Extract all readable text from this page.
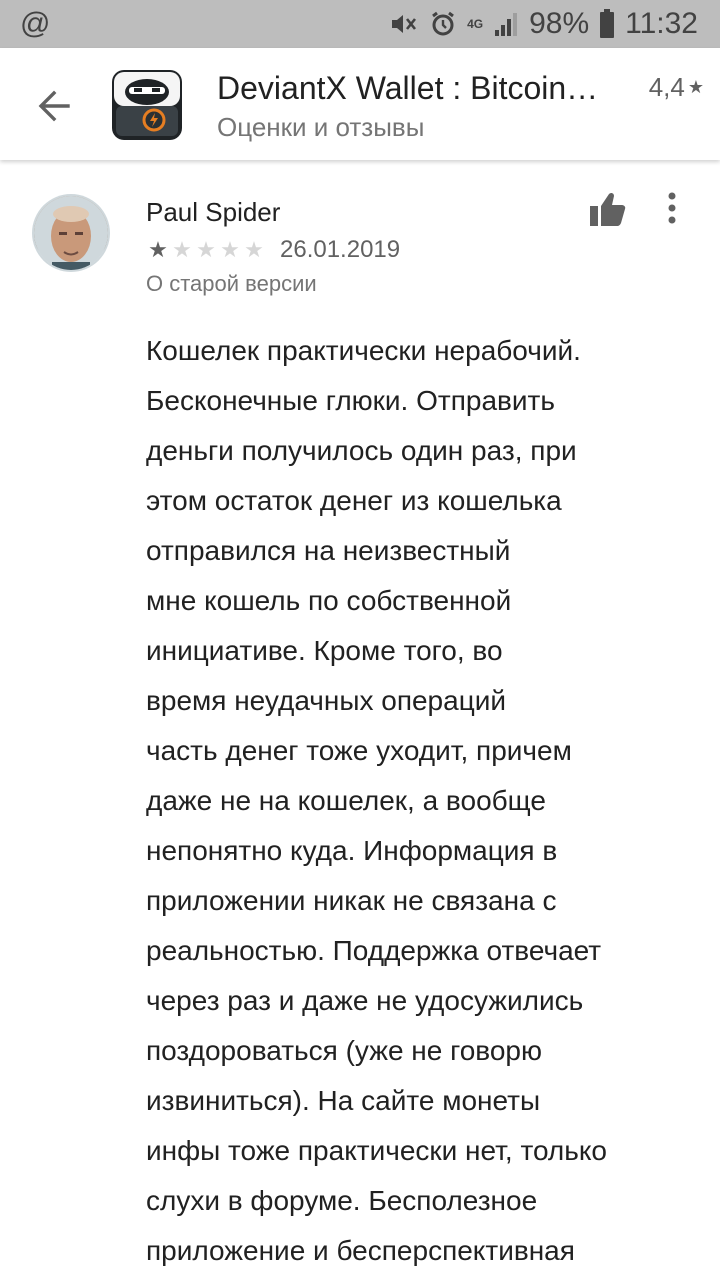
@	4G 98% 11:32
DeviantX Wallet : Bitcoin…
Оценки и отзывы
4,4 ★
Paul Spider
★ ★ ★ ★ ★ 26.01.2019
О старой версии
Кошелек практически нерабочий.
Бесконечные глюки. Отправить
деньги получилось один раз, при
этом остаток денег из кошелька
отправился на неизвестный
мне кошель по собственной
инициативе. Кроме того, во
время неудачных операций
часть денег тоже уходит, причем
даже не на кошелек, а вообще
непонятно куда. Информация в
приложении никак не связана с
реальностью. Поддержка отвечает
через раз и даже не удосужились
поздороваться (уже не говорю
извиниться). На сайте монеты
инфы тоже практически нет, только
слухи в форуме. Бесполезное
приложение и бесперспективная
